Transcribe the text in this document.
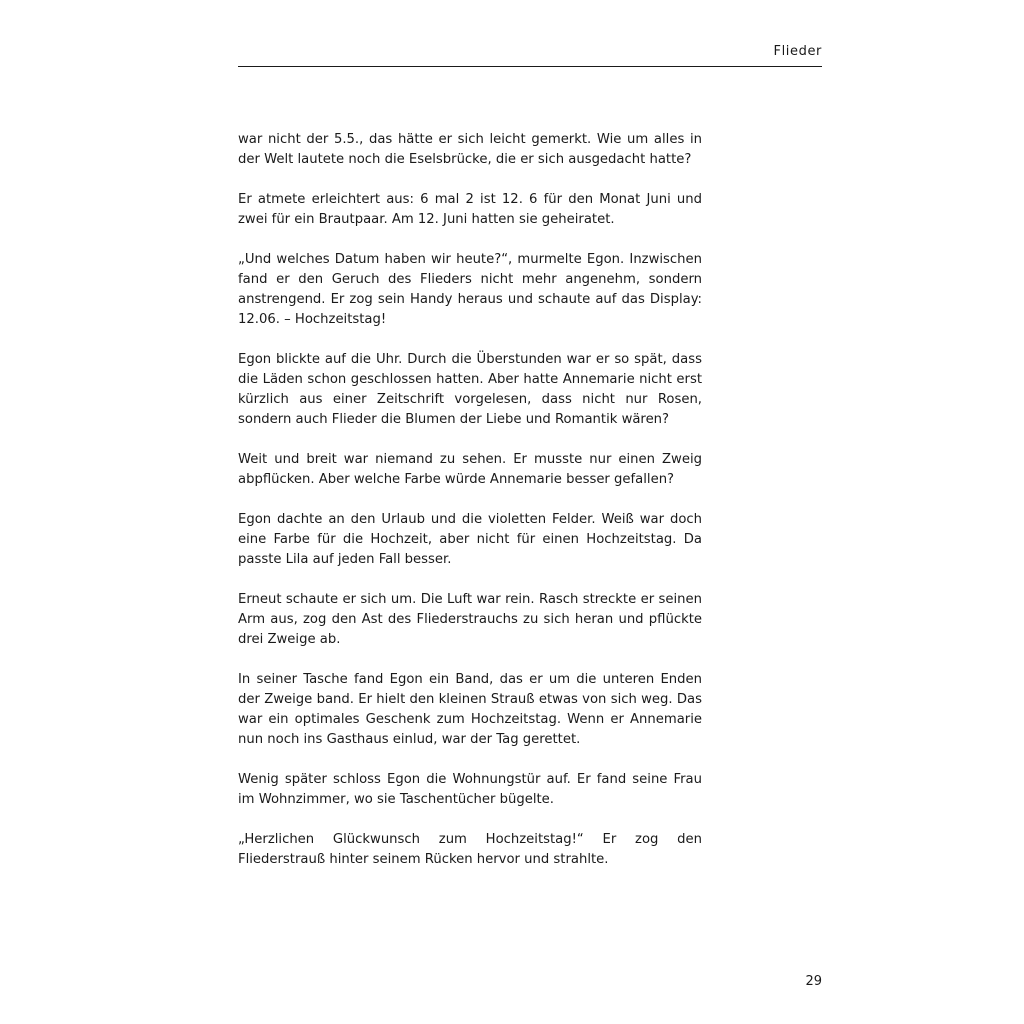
Flieder

war nicht der 5.5., das hätte er sich leicht gemerkt. Wie um alles in der Welt lautete noch die Eselsbrücke, die er sich ausgedacht hatte?

Er atmete erleichtert aus: 6 mal 2 ist 12. 6 für den Monat Juni und zwei für ein Brautpaar. Am 12. Juni hatten sie geheiratet.

„Und welches Datum haben wir heute?“, murmelte Egon. Inzwischen fand er den Geruch des Flieders nicht mehr angenehm, sondern anstrengend. Er zog sein Handy heraus und schaute auf das Display: 12.06. – Hochzeitstag!

Egon blickte auf die Uhr. Durch die Überstunden war er so spät, dass die Läden schon geschlossen hatten. Aber hatte Annemarie nicht erst kürzlich aus einer Zeitschrift vorgelesen, dass nicht nur Rosen, sondern auch Flieder die Blumen der Liebe und Romantik wären?

Weit und breit war niemand zu sehen. Er musste nur einen Zweig abpflücken. Aber welche Farbe würde Annemarie besser gefallen?

Egon dachte an den Urlaub und die violetten Felder. Weiß war doch eine Farbe für die Hochzeit, aber nicht für einen Hochzeitstag. Da passte Lila auf jeden Fall besser.

Erneut schaute er sich um. Die Luft war rein. Rasch streckte er seinen Arm aus, zog den Ast des Fliederstrauchs zu sich heran und pflückte drei Zweige ab.

In seiner Tasche fand Egon ein Band, das er um die unteren Enden der Zweige band. Er hielt den kleinen Strauß etwas von sich weg. Das war ein optimales Geschenk zum Hochzeitstag. Wenn er Annemarie nun noch ins Gasthaus einlud, war der Tag gerettet.

Wenig später schloss Egon die Wohnungstür auf. Er fand seine Frau im Wohnzimmer, wo sie Taschentücher bügelte.

„Herzlichen Glückwunsch zum Hochzeitstag!“ Er zog den Fliederstrauß hinter seinem Rücken hervor und strahlte.

29
